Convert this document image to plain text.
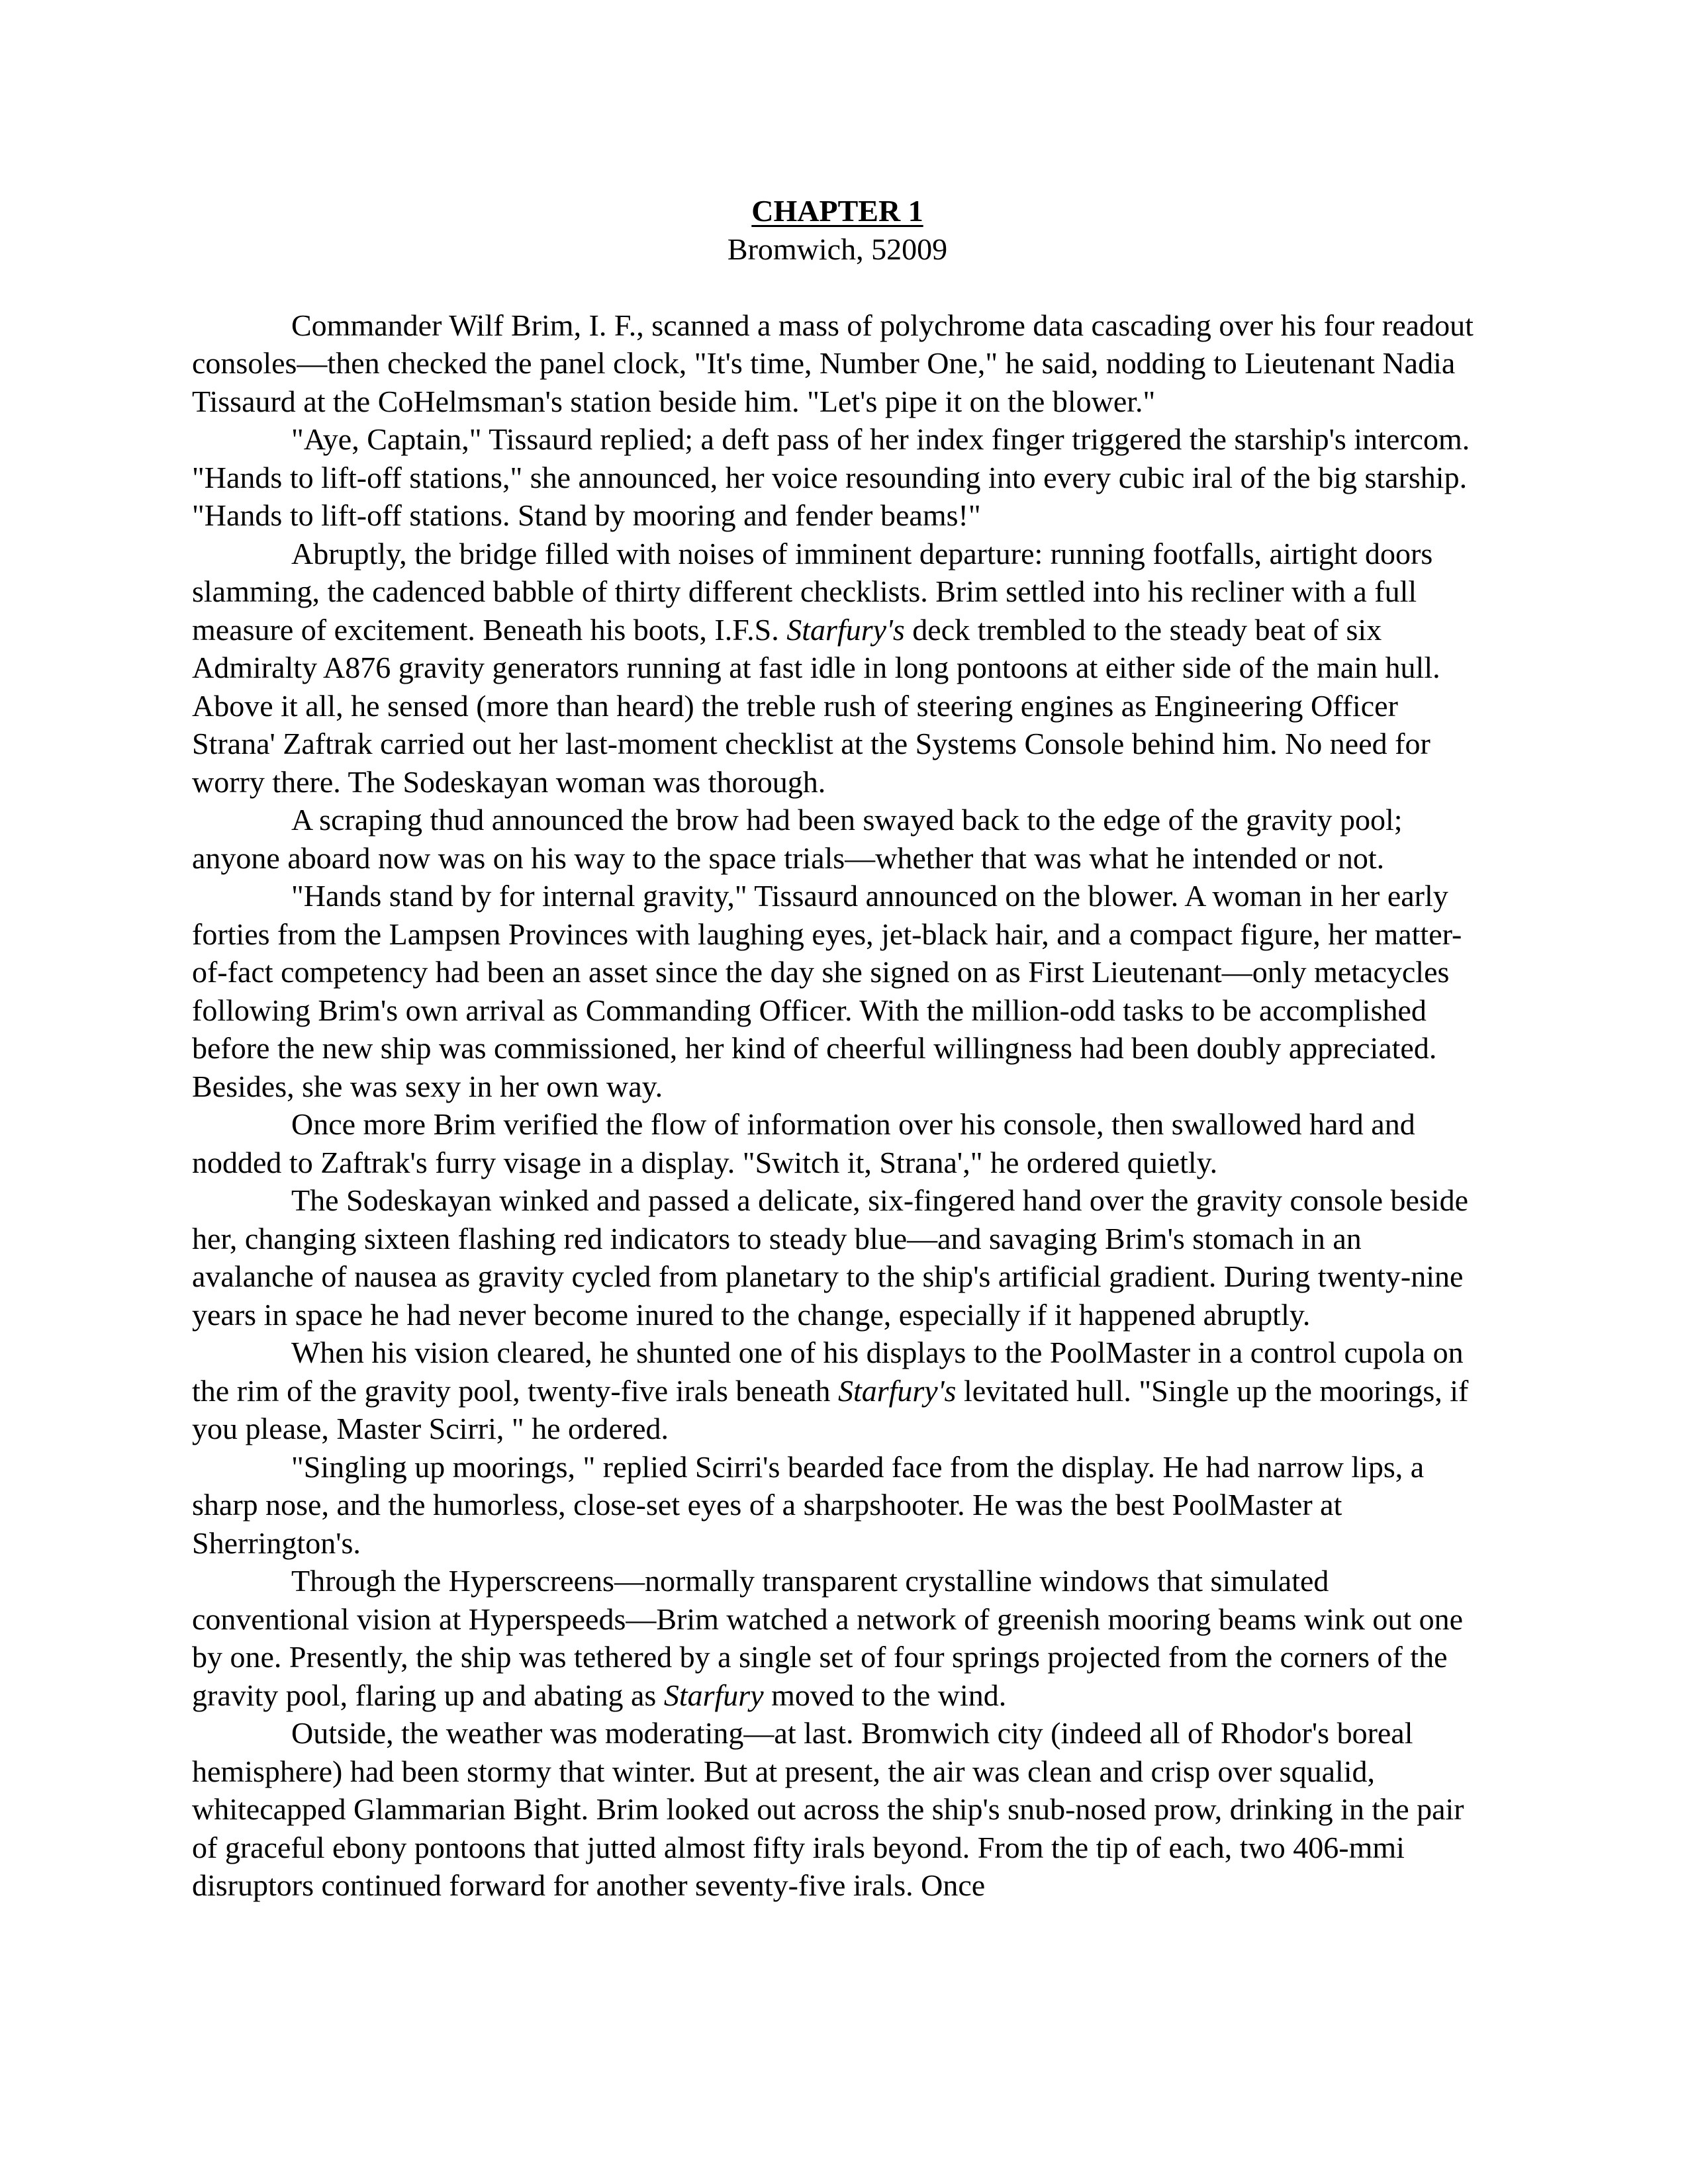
CHAPTER 1
Bromwich, 52009

Commander Wilf Brim, I. F., scanned a mass of polychrome data cascading over his four readout consoles—then checked the panel clock, "It's time, Number One," he said, nodding to Lieutenant Nadia Tissaurd at the CoHelmsman's station beside him. "Let's pipe it on the blower."

"Aye, Captain," Tissaurd replied; a deft pass of her index finger triggered the starship's intercom. "Hands to lift-off stations," she announced, her voice resounding into every cubic iral of the big starship. "Hands to lift-off stations. Stand by mooring and fender beams!"

Abruptly, the bridge filled with noises of imminent departure: running footfalls, airtight doors slamming, the cadenced babble of thirty different checklists. Brim settled into his recliner with a full measure of excitement. Beneath his boots, I.F.S. Starfury's deck trembled to the steady beat of six Admiralty A876 gravity generators running at fast idle in long pontoons at either side of the main hull. Above it all, he sensed (more than heard) the treble rush of steering engines as Engineering Officer Strana' Zaftrak carried out her last-moment checklist at the Systems Console behind him. No need for worry there. The Sodeskayan woman was thorough.

A scraping thud announced the brow had been swayed back to the edge of the gravity pool; anyone aboard now was on his way to the space trials—whether that was what he intended or not.

"Hands stand by for internal gravity," Tissaurd announced on the blower. A woman in her early forties from the Lampsen Provinces with laughing eyes, jet-black hair, and a compact figure, her matter-of-fact competency had been an asset since the day she signed on as First Lieutenant—only metacycles following Brim's own arrival as Commanding Officer. With the million-odd tasks to be accomplished before the new ship was commissioned, her kind of cheerful willingness had been doubly appreciated. Besides, she was sexy in her own way.

Once more Brim verified the flow of information over his console, then swallowed hard and nodded to Zaftrak's furry visage in a display. "Switch it, Strana'," he ordered quietly.

The Sodeskayan winked and passed a delicate, six-fingered hand over the gravity console beside her, changing sixteen flashing red indicators to steady blue—and savaging Brim's stomach in an avalanche of nausea as gravity cycled from planetary to the ship's artificial gradient. During twenty-nine years in space he had never become inured to the change, especially if it happened abruptly.

When his vision cleared, he shunted one of his displays to the PoolMaster in a control cupola on the rim of the gravity pool, twenty-five irals beneath Starfury's levitated hull. "Single up the moorings, if you please, Master Scirri, " he ordered.

"Singling up moorings, " replied Scirri's bearded face from the display. He had narrow lips, a sharp nose, and the humorless, close-set eyes of a sharpshooter. He was the best PoolMaster at Sherrington's.

Through the Hyperscreens—normally transparent crystalline windows that simulated conventional vision at Hyperspeeds—Brim watched a network of greenish mooring beams wink out one by one. Presently, the ship was tethered by a single set of four springs projected from the corners of the gravity pool, flaring up and abating as Starfury moved to the wind.

Outside, the weather was moderating—at last. Bromwich city (indeed all of Rhodor's boreal hemisphere) had been stormy that winter. But at present, the air was clean and crisp over squalid, whitecapped Glammarian Bight. Brim looked out across the ship's snub-nosed prow, drinking in the pair of graceful ebony pontoons that jutted almost fifty irals beyond. From the tip of each, two 406-mmi disruptors continued forward for another seventy-five irals. Once
